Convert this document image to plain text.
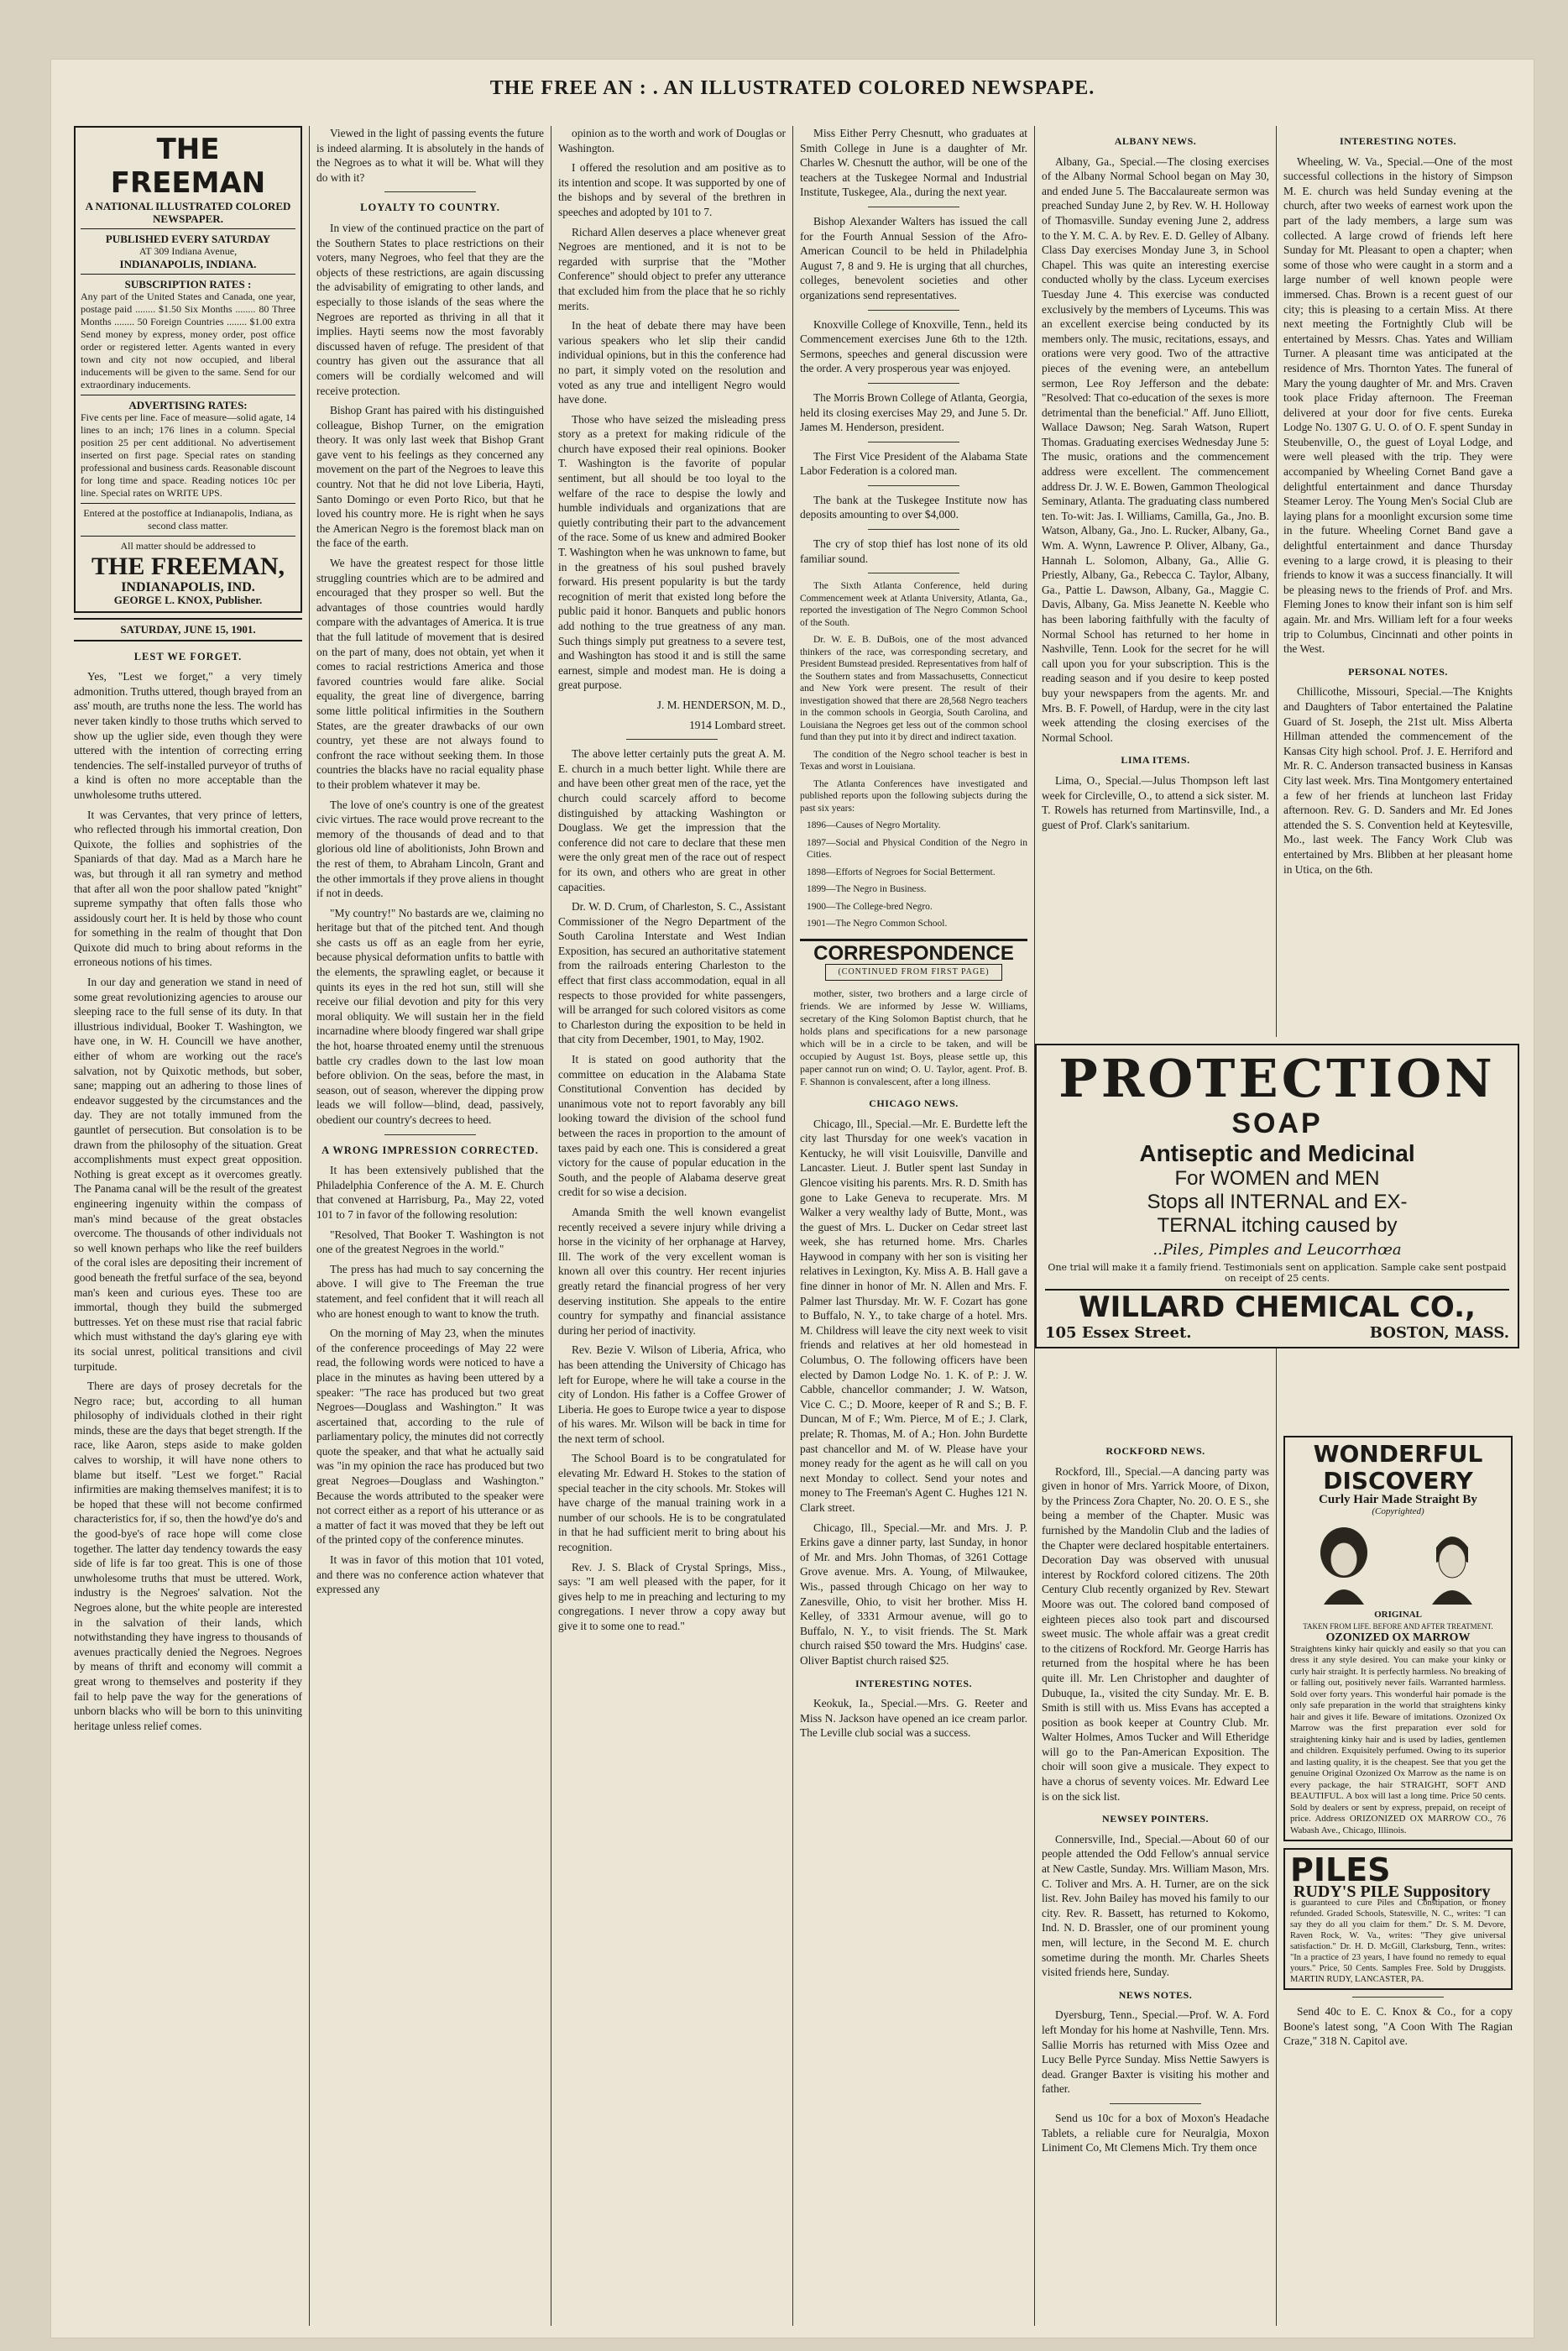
THE FREE AN : . AN ILLUSTRATED COLORED NEWSPAPE.
THE FREEMAN
A NATIONAL ILLUSTRATED COLORED NEWSPAPER.
PUBLISHED EVERY SATURDAY
AT 309 Indiana Avenue,
INDIANAPOLIS, INDIANA.
SUBSCRIPTION RATES :
Any part of the United States and Canada, one year, postage paid ........ $1.50 Six Months ........ 80 Three Months ........ 50 Foreign Countries ........ $1.00 extra Send money by express, money order, post office order or registered letter. Agents wanted in every town and city not now occupied, and liberal inducements will be given to the same. Send for our extraordinary inducements.
ADVERTISING RATES:
Five cents per line. Face of measure—solid agate, 14 lines to an inch; 176 lines in a column. Special position 25 per cent additional. No advertisement inserted on first page. Special rates on standing professional and business cards. Reasonable discount for long time and space. Reading notices 10c per line. Special rates on WRITE UPS.
Entered at the postoffice at Indianapolis, Indiana, as second class matter.
All matter should be addressed to
THE FREEMAN,
INDIANAPOLIS, IND.
GEORGE L. KNOX, Publisher.
SATURDAY, JUNE 15, 1901.
LEST WE FORGET.

Yes, "Lest we forget," a very timely admonition. Truths uttered, though brayed from an ass' mouth, are truths none the less. The world has never taken kindly to those truths which served to show up the uglier side, even though they were uttered with the intention of correcting erring tendencies. The self-installed purveyor of truths of a kind is often no more acceptable than the unwholesome truths uttered.

It was Cervantes, that very prince of letters, who reflected through his immortal creation, Don Quixote, the follies and sophistries of the Spaniards of that day. Mad as a March hare he was, but through it all ran symetry and method that after all won the poor shallow pated "knight" supreme sympathy that often falls those who assidously court her. It is held by those who count for something in the realm of thought that Don Quixote did much to bring about reforms in the erroneous notions of his times.

In our day and generation we stand in need of some great revolutionizing agencies to arouse our sleeping race to the full sense of its duty. In that illustrious individual, Booker T. Washington, we have one, in W. H. Councill we have another, either of whom are working out the race's salvation, not by Quixotic methods, but sober, sane; mapping out an adhering to those lines of endeavor suggested by the circumstances and the day. They are not totally immuned from the gauntlet of persecution. But consolation is to be drawn from the philosophy of the situation. Great accomplishments must expect great opposition. Nothing is great except as it overcomes greatly. The Panama canal will be the result of the greatest engineering ingenuity within the compass of man's mind because of the great obstacles overcome. The thousands of other individuals not so well known perhaps who like the reef builders of the coral isles are depositing their increment of good beneath the fretful surface of the sea, beyond man's keen and curious eyes. These too are immortal, though they build the submerged buttresses. Yet on these must rise that racial fabric which must withstand the day's glaring eye with its social unrest, political transitions and civil turpitude.

There are days of prosey decretals for the Negro race; but, according to all human philosophy of individuals clothed in their right minds, these are the days that beget strength. If the race, like Aaron, steps aside to make golden calves to worship, it will have none others to blame but itself. "Lest we forget." Racial infirmities are making themselves manifest; it is to be hoped that these will not become confirmed characteristics for, if so, then the howd'ye do's and the good-bye's of race hope will come close together. The latter day tendency towards the easy side of life is far too great. This is one of those unwholesome truths that must be uttered. Work, industry is the Negroes' salvation. Not the Negroes alone, but the white people are interested in the salvation of their lands, which notwithstanding they have ingress to thousands of avenues practically denied the Negroes. Negroes by means of thrift and economy will commit a great wrong to themselves and posterity if they fail to help pave the way for the generations of unborn blacks who will be born to this uninviting heritage unless relief comes.

Viewed in the light of passing events the future is indeed alarming. It is absolutely in the hands of the Negroes as to what it will be. What will they do with it?

LOYALTY TO COUNTRY.

In view of the continued practice on the part of the Southern States to place restrictions on their voters, many Negroes, who feel that they are the objects of these restrictions, are again discussing the advisability of emigrating to other lands, and especially to those islands of the seas where the Negroes are reported as thriving in all that it implies. Hayti seems now the most favorably discussed haven of refuge. The president of that country has given out the assurance that all comers will be cordially welcomed and will receive protection.

Bishop Grant has paired with his distinguished colleague, Bishop Turner, on the emigration theory. It was only last week that Bishop Grant gave vent to his feelings as they concerned any movement on the part of the Negroes to leave this country. Not that he did not love Liberia, Hayti, Santo Domingo or even Porto Rico, but that he loved his country more. He is right when he says the American Negro is the foremost black man on the face of the earth.

We have the greatest respect for those little struggling countries which are to be admired and encouraged that they prosper so well. But the advantages of those countries would hardly compare with the advantages of America. It is true that the full latitude of movement that is desired on the part of many, does not obtain, yet when it comes to racial restrictions America and those favored countries would fare alike. Social equality, the great line of divergence, barring some little political infirmities in the Southern States, are the greater drawbacks of our own country, yet these are not always found to confront the race without seeking them. In those countries the blacks have no racial equality phase to their problem whatever it may be.

The love of one's country is one of the greatest civic virtues. The race would prove recreant to the memory of the thousands of dead and to that glorious old line of abolitionists, John Brown and the rest of them, to Abraham Lincoln, Grant and the other immortals if they prove aliens in thought if not in deeds.

"My country!" No bastards are we, claiming no heritage but that of the pitched tent. And though she casts us off as an eagle from her eyrie, because physical deformation unfits to battle with the elements, the sprawling eaglet, or because it quints its eyes in the red hot sun, still will she receive our filial devotion and pity for this very moral obliquity. We will sustain her in the field incarnadine where bloody fingered war shall gripe the hot, hoarse throated enemy until the strenuous battle cry cradles down to the last low moan before oblivion. On the seas, before the mast, in season, out of season, wherever the dipping prow leads we will follow—blind, dead, passively, obedient our country's decrees to heed.

A WRONG IMPRESSION CORRECTED.

It has been extensively published that the Philadelphia Conference of the A. M. E. Church that convened at Harrisburg, Pa., May 22, voted 101 to 7 in favor of the following resolution:

"Resolved, That Booker T. Washington is not one of the greatest Negroes in the world."

The press has had much to say concerning the above. I will give to The Freeman the true statement, and feel confident that it will reach all who are honest enough to want to know the truth.

On the morning of May 23, when the minutes of the conference proceedings of May 22 were read, the following words were noticed to have a place in the minutes as having been uttered by a speaker: "The race has produced but two great Negroes—Douglass and Washington." It was ascertained that, according to the rule of parliamentary policy, the minutes did not correctly quote the speaker, and that what he actually said was "in my opinion the race has produced but two great Negroes—Douglass and Washington." Because the words attributed to the speaker were not correct either as a report of his utterance or as a matter of fact it was moved that they be left out of the printed copy of the conference minutes.

It was in favor of this motion that 101 voted, and there was no conference action whatever that expressed any

opinion as to the worth and work of Douglas or Washington.

I offered the resolution and am positive as to its intention and scope. It was supported by one of the bishops and by several of the brethren in speeches and adopted by 101 to 7.

Richard Allen deserves a place whenever great Negroes are mentioned, and it is not to be regarded with surprise that the "Mother Conference" should object to prefer any utterance that excluded him from the place that he so richly merits.

In the heat of debate there may have been various speakers who let slip their candid individual opinions, but in this the conference had no part, it simply voted on the resolution and voted as any true and intelligent Negro would have done.

Those who have seized the misleading press story as a pretext for making ridicule of the church have exposed their real opinions. Booker T. Washington is the favorite of popular sentiment, but all should be too loyal to the welfare of the race to despise the lowly and humble individuals and organizations that are quietly contributing their part to the advancement of the race. Some of us knew and admired Booker T. Washington when he was unknown to fame, but in the greatness of his soul pushed bravely forward. His present popularity is but the tardy recognition of merit that existed long before the public paid it honor. Banquets and public honors add nothing to the true greatness of any man. Such things simply put greatness to a severe test, and Washington has stood it and is still the same earnest, simple and modest man. He is doing a great purpose.

J. M. HENDERSON, M. D.,

1914 Lombard street.

The above letter certainly puts the great A. M. E. church in a much better light. While there are and have been other great men of the race, yet the church could scarcely afford to become distinguished by attacking Washington or Douglass. We get the impression that the conference did not care to declare that these men were the only great men of the race out of respect for its own, and others who are great in other capacities.

Dr. W. D. Crum, of Charleston, S. C., Assistant Commissioner of the Negro Department of the South Carolina Interstate and West Indian Exposition, has secured an authoritative statement from the railroads entering Charleston to the effect that first class accommodation, equal in all respects to those provided for white passengers, will be arranged for such colored visitors as come to Charleston during the exposition to be held in that city from December, 1901, to May, 1902.

It is stated on good authority that the committee on education in the Alabama State Constitutional Convention has decided by unanimous vote not to report favorably any bill looking toward the division of the school fund between the races in proportion to the amount of taxes paid by each one. This is considered a great victory for the cause of popular education in the South, and the people of Alabama deserve great credit for so wise a decision.

Amanda Smith the well known evangelist recently received a severe injury while driving a horse in the vicinity of her orphanage at Harvey, Ill. The work of the very excellent woman is known all over this country. Her recent injuries greatly retard the financial progress of her very deserving institution. She appeals to the entire country for sympathy and financial assistance during her period of inactivity.

Rev. Bezie V. Wilson of Liberia, Africa, who has been attending the University of Chicago has left for Europe, where he will take a course in the city of London. His father is a Coffee Grower of Liberia. He goes to Europe twice a year to dispose of his wares. Mr. Wilson will be back in time for the next term of school.

The School Board is to be congratulated for elevating Mr. Edward H. Stokes to the station of special teacher in the city schools. Mr. Stokes will have charge of the manual training work in a number of our schools. He is to be congratulated in that he had sufficient merit to bring about his recognition.

Rev. J. S. Black of Crystal Springs, Miss., says: "I am well pleased with the paper, for it gives help to me in preaching and lecturing to my congregations. I never throw a copy away but give it to some one to read."

Miss Either Perry Chesnutt, who graduates at Smith College in June is a daughter of Mr. Charles W. Chesnutt the author, will be one of the teachers at the Tuskegee Normal and Industrial Institute, Tuskegee, Ala., during the next year.

Bishop Alexander Walters has issued the call for the Fourth Annual Session of the Afro-American Council to be held in Philadelphia August 7, 8 and 9. He is urging that all churches, colleges, benevolent societies and other organizations send representatives.

Knoxville College of Knoxville, Tenn., held its Commencement exercises June 6th to the 12th. Sermons, speeches and general discussion were the order. A very prosperous year was enjoyed.

The Morris Brown College of Atlanta, Georgia, held its closing exercises May 29, and June 5. Dr. James M. Henderson, president.

The First Vice President of the Alabama State Labor Federation is a colored man.

The bank at the Tuskegee Institute now has deposits amounting to over $4,000.

The cry of stop thief has lost none of its old familiar sound.

The Sixth Atlanta Conference, held during Commencement week at Atlanta University, Atlanta, Ga., reported the investigation of The Negro Common School of the South.

Dr. W. E. B. DuBois, one of the most advanced thinkers of the race, was corresponding secretary, and President Bumstead presided. Representatives from half of the Southern states and from Massachusetts, Connecticut and New York were present. The result of their investigation showed that there are 28,568 Negro teachers in the common schools in Georgia, South Carolina, and Louisiana the Negroes get less out of the common school fund than they put into it by direct and indirect taxation.

The condition of the Negro school teacher is best in Texas and worst in Louisiana.

The Atlanta Conferences have investigated and published reports upon the following subjects during the past six years:

1896—Causes of Negro Mortality.

1897—Social and Physical Condition of the Negro in Cities.

1898—Efforts of Negroes for Social Betterment.

1899—The Negro in Business.

1900—The College-bred Negro.

1901—The Negro Common School.

CORRESPONDENCE
(CONTINUED FROM FIRST PAGE)

mother, sister, two brothers and a large circle of friends. We are informed by Jesse W. Williams, secretary of the King Solomon Baptist church, that he holds plans and specifications for a new parsonage which will be in a circle to be taken, and will be occupied by August 1st. Boys, please settle up, this paper cannot run on wind; O. U. Taylor, agent. Prof. B. F. Shannon is convalescent, after a long illness.

CHICAGO NEWS.

Chicago, Ill., Special.—Mr. E. Burdette left the city last Thursday for one week's vacation in Kentucky, he will visit Louisville, Danville and Lancaster. Lieut. J. Butler spent last Sunday in Glencoe visiting his parents. Mrs. R. D. Smith has gone to Lake Geneva to recuperate. Mrs. M Walker a very wealthy lady of Butte, Mont., was the guest of Mrs. L. Ducker on Cedar street last week, she has returned home. Mrs. Charles Haywood in company with her son is visiting her relatives in Lexington, Ky. Miss A. B. Hall gave a fine dinner in honor of Mr. N. Allen and Mrs. F. Palmer last Thursday. Mr. W. F. Cozart has gone to Buffalo, N. Y., to take charge of a hotel. Mrs. M. Childress will leave the city next week to visit friends and relatives at her old homestead in Columbus, O. The following officers have been elected by Damon Lodge No. 1. K. of P.: J. W. Cabble, chancellor commander; J. W. Watson, Vice C. C.; D. Moore, keeper of R and S.; B. F. Duncan, M of F.; Wm. Pierce, M of E.; J. Clark, prelate; R. Thomas, M. of A.; Hon. John Burdette past chancellor and M. of W. Please have your money ready for the agent as he will call on you next Monday to collect. Send your notes and money to The Freeman's Agent C. Hughes 121 N. Clark street.

Chicago, Ill., Special.—Mr. and Mrs. J. P. Erkins gave a dinner party, last Sunday, in honor of Mr. and Mrs. John Thomas, of 3261 Cottage Grove avenue. Mrs. A. Young, of Milwaukee, Wis., passed through Chicago on her way to Zanesville, Ohio, to visit her brother. Miss H. Kelley, of 3331 Armour avenue, will go to Buffalo, N. Y., to visit friends. The St. Mark church raised $50 toward the Mrs. Hudgins' case. Oliver Baptist church raised $25.

INTERESTING NOTES.

Keokuk, Ia., Special.—Mrs. G. Reeter and Miss N. Jackson have opened an ice cream parlor. The Leville club social was a success.

ALBANY NEWS.

Albany, Ga., Special.—The closing exercises of the Albany Normal School began on May 30, and ended June 5. The Baccalaureate sermon was preached Sunday June 2, by Rev. W. H. Holloway of Thomasville. Sunday evening June 2, address to the Y. M. C. A. by Rev. E. D. Gelley of Albany. Class Day exercises Monday June 3, in School Chapel. This was quite an interesting exercise conducted wholly by the class. Lyceum exercises Tuesday June 4. This exercise was conducted exclusively by the members of Lyceums. This was an excellent exercise being conducted by its members only. The music, recitations, essays, and orations were very good. Two of the attractive pieces of the evening were, an antebellum sermon, Lee Roy Jefferson and the debate: "Resolved: That co-education of the sexes is more detrimental than the beneficial." Aff. Juno Elliott, Wallace Dawson; Neg. Sarah Watson, Rupert Thomas. Graduating exercises Wednesday June 5: The music, orations and the commencement address were excellent. The commencement address Dr. J. W. E. Bowen, Gammon Theological Seminary, Atlanta. The graduating class numbered ten. To-wit: Jas. I. Williams, Camilla, Ga., Jno. B. Watson, Albany, Ga., Jno. L. Rucker, Albany, Ga., Wm. A. Wynn, Lawrence P. Oliver, Albany, Ga., Hannah L. Solomon, Albany, Ga., Allie G. Priestly, Albany, Ga., Rebecca C. Taylor, Albany, Ga., Pattie L. Dawson, Albany, Ga., Maggie C. Davis, Albany, Ga. Miss Jeanette N. Keeble who has been laboring faithfully with the faculty of Normal School has returned to her home in Nashville, Tenn. Look for the secret for he will call upon you for your subscription. This is the reading season and if you desire to keep posted buy your newspapers from the agents. Mr. and Mrs. B. F. Powell, of Hardup, were in the city last week attending the closing exercises of the Normal School.

LIMA ITEMS.

Lima, O., Special.—Julus Thompson left last week for Circleville, O., to attend a sick sister. M. T. Rowels has returned from Martinsville, Ind., a guest of Prof. Clark's sanitarium.

INTERESTING NOTES.

Wheeling, W. Va., Special.—One of the most successful collections in the history of Simpson M. E. church was held Sunday evening at the church, after two weeks of earnest work upon the part of the lady members, a large sum was collected. A large crowd of friends left here Sunday for Mt. Pleasant to open a chapter; when some of those who were caught in a storm and a large number of well known people were immersed. Chas. Brown is a recent guest of our city; this is pleasing to a certain Miss. At there next meeting the Fortnightly Club will be entertained by Messrs. Chas. Yates and William Turner. A pleasant time was anticipated at the residence of Mrs. Thornton Yates. The funeral of Mary the young daughter of Mr. and Mrs. Craven took place Friday afternoon. The Freeman delivered at your door for five cents. Eureka Lodge No. 1307 G. U. O. of O. F. spent Sunday in Steubenville, O., the guest of Loyal Lodge, and were well pleased with the trip. They were accompanied by Wheeling Cornet Band gave a delightful entertainment and dance Thursday Steamer Leroy. The Young Men's Social Club are laying plans for a moonlight excursion some time in the future. Wheeling Cornet Band gave a delightful entertainment and dance Thursday evening to a large crowd, it is pleasing to their friends to know it was a success financially. It will be pleasing news to the friends of Prof. and Mrs. Fleming Jones to know their infant son is him self again. Mr. and Mrs. William left for a four weeks trip to Columbus, Cincinnati and other points in the West.

PERSONAL NOTES.

Chillicothe, Missouri, Special.—The Knights and Daughters of Tabor entertained the Palatine Guard of St. Joseph, the 21st ult. Miss Alberta Hillman attended the commencement of the Kansas City high school. Prof. J. E. Herriford and Mr. R. C. Anderson transacted business in Kansas City last week. Mrs. Tina Montgomery entertained a few of her friends at luncheon last Friday afternoon. Rev. G. D. Sanders and Mr. Ed Jones attended the S. S. Convention held at Keytesville, Mo., last week. The Fancy Work Club was entertained by Mrs. Blibben at her pleasant home in Utica, on the 6th.

PROTECTION
SOAP
Antiseptic and Medicinal
For WOMEN and MEN
Stops all INTERNAL and EX-
TERNAL itching caused by
..Piles, Pimples and Leucorrhœa
One trial will make it a family friend. Testimonials sent on application. Sample cake sent postpaid on receipt of 25 cents.
WILLARD CHEMICAL CO.,
105 Essex Street.	BOSTON, MASS.
ROCKFORD NEWS.

Rockford, Ill., Special.—A dancing party was given in honor of Mrs. Yarrick Moore, of Dixon, by the Princess Zora Chapter, No. 20. O. E S., she being a member of the Chapter. Music was furnished by the Mandolin Club and the ladies of the Chapter were declared hospitable entertainers. Decoration Day was observed with unusual interest by Rockford colored citizens. The 20th Century Club recently organized by Rev. Stewart Moore was out. The colored band composed of eighteen pieces also took part and discoursed sweet music. The whole affair was a great credit to the citizens of Rockford. Mr. George Harris has returned from the hospital where he has been quite ill. Mr. Len Christopher and daughter of Dubuque, Ia., visited the city Sunday. Mr. E. B. Smith is still with us. Miss Evans has accepted a position as book keeper at Country Club. Mr. Walter Holmes, Amos Tucker and Will Etheridge will go to the Pan-American Exposition. The choir will soon give a musicale. They expect to have a chorus of seventy voices. Mr. Edward Lee is on the sick list.

NEWSEY POINTERS.

Connersville, Ind., Special.—About 60 of our people attended the Odd Fellow's annual service at New Castle, Sunday. Mrs. William Mason, Mrs. C. Toliver and Mrs. A. H. Turner, are on the sick list. Rev. John Bailey has moved his family to our city. Rev. R. Bassett, has returned to Kokomo, Ind. N. D. Brassler, one of our prominent young men, will lecture, in the Second M. E. church sometime during the month. Mr. Charles Sheets visited friends here, Sunday.

NEWS NOTES.

Dyersburg, Tenn., Special.—Prof. W. A. Ford left Monday for his home at Nashville, Tenn. Mrs. Sallie Morris has returned with Miss Ozee and Lucy Belle Pyrce Sunday. Miss Nettie Sawyers is dead. Granger Baxter is visiting his mother and father.

Send us 10c for a box of Moxon's Headache Tablets, a reliable cure for Neuralgia, Moxon Liniment Co, Mt Clemens Mich. Try them once

WONDERFUL DISCOVERY
Curly Hair Made Straight By
(Copyrighted)
ORIGINAL
TAKEN FROM LIFE. BEFORE AND AFTER TREATMENT.
OZONIZED OX MARROW
Straightens kinky hair quickly and easily so that you can dress it any style desired. You can make your kinky or curly hair straight. It is perfectly harmless. No breaking of or falling out, positively never fails. Warranted harmless. Sold over forty years. This wonderful hair pomade is the only safe preparation in the world that straightens kinky hair and gives it life. Beware of imitations. Ozonized Ox Marrow was the first preparation ever sold for straightening kinky hair and is used by ladies, gentlemen and children. Exquisitely perfumed. Owing to its superior and lasting quality, it is the cheapest. See that you get the genuine Original Ozonized Ox Marrow as the name is on every package, the hair STRAIGHT, SOFT AND BEAUTIFUL. A box will last a long time. Price 50 cents. Sold by dealers or sent by express, prepaid, on receipt of price. Address ORIZONIZED OX MARROW CO., 76 Wabash Ave., Chicago, Illinois.
PILES RUDY'S PILE Suppository
is guaranteed to cure Piles and Constipation, or money refunded. Graded Schools, Statesville, N. C., writes: "I can say they do all you claim for them." Dr. S. M. Devore, Raven Rock, W. Va., writes: "They give universal satisfaction." Dr. H. D. McGill, Clarksburg, Tenn., writes: "In a practice of 23 years, I have found no remedy to equal yours." Price, 50 Cents. Samples Free. Sold by Druggists. MARTIN RUDY, LANCASTER, PA.

Send 40c to E. C. Knox & Co., for a copy Boone's latest song, "A Coon With The Ragian Craze," 318 N. Capitol ave.
